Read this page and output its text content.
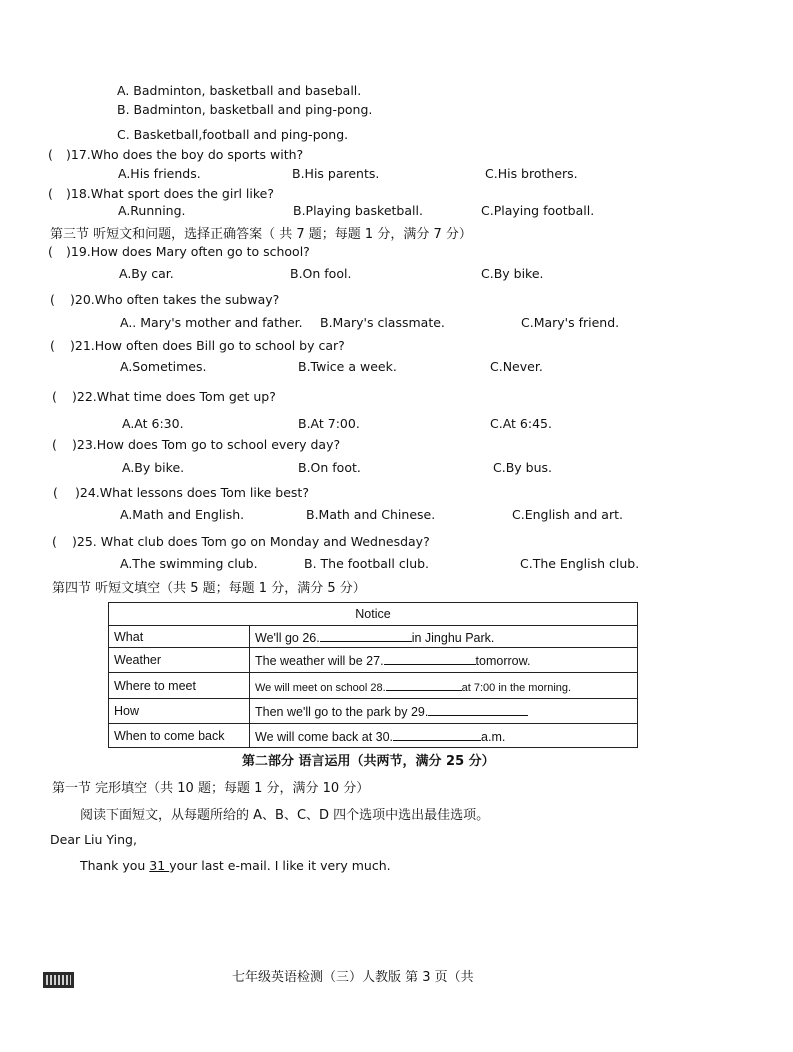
A. Badminton, basketball and baseball.
B. Badminton, basketball and ping-pong.
C. Basketball,football and ping-pong.
( )17.Who does the boy do sports with?
A.His friends.	B.His parents.	C.His brothers.
( )18.What sport does the girl like?
A.Running.	B.Playing basketball.	C.Playing football.
第三节 听短文和问题，选择正确答案（ 共 7 题；每题 1 分，满分 7 分）
( )19.How does Mary often go to school?
A.By car.	B.On fool.	C.By bike.
( )20.Who often takes the subway?
A.. Mary's mother and father. B.Mary's classmate.	C.Mary's friend.
( )21.How often does Bill go to school by car?
A.Sometimes.	B.Twice a week.	C.Never.
( )22.What time does Tom get up?
A.At 6:30.	B.At 7:00.	C.At 6:45.
( )23.How does Tom go to school every day?
A.By bike.	B.On foot.	C.By bus.
( )24.What lessons does Tom like best?
A.Math and English.	B.Math and Chinese.	C.English and art.
( )25. What club does Tom go on Monday and Wednesday?
A.The swimming club.	B. The football club.	C.The English club.
第四节 听短文填空（共 5 题；每题 1 分，满分 5 分）
Notice	
What	We'll go 26. in Jinghu Park.
Weather	The weather will be 27. tomorrow.
Where to meet	We will meet on school 28. at 7:00 in the morning.
How	Then we'll go to the park by 29.
When to come back	We will come back at 30. a.m.
第二部分 语言运用（共两节，满分 25 分）
第一节 完形填空（共 10 题；每题 1 分，满分 10 分）
阅读下面短文，从每题所给的 A、B、C、D 四个选项中选出最佳选项。
Dear Liu Ying,
Thank you 31 your last e-mail. I like it very much.
七年级英语检测（三）人教版 第 3 页（共
